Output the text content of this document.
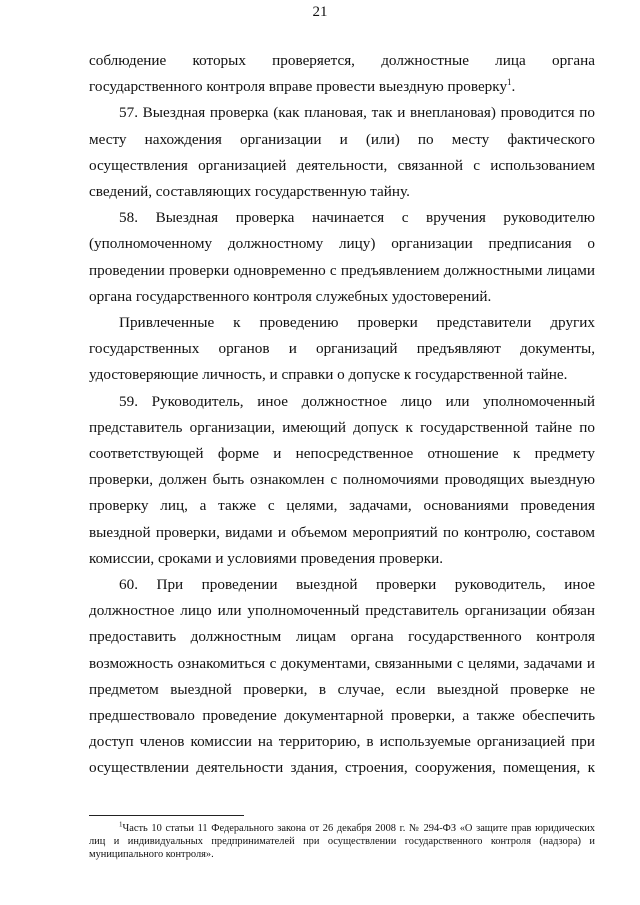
21

соблюдение которых проверяется, должностные лица органа государственного контроля вправе провести выездную проверку$^1$.

57. Выездная проверка (как плановая, так и внеплановая) проводится по месту нахождения организации и (или) по месту фактического осуществления организацией деятельности, связанной с использованием сведений, составляющих государственную тайну.

58. Выездная проверка начинается с вручения руководителю (уполномоченному должностному лицу) организации предписания о проведении проверки одновременно с предъявлением должностными лицами органа государственного контроля служебных удостоверений.

Привлеченные к проведению проверки представители других государственных органов и организаций предъявляют документы, удостоверяющие личность, и справки о допуске к государственной тайне.

59. Руководитель, иное должностное лицо или уполномоченный представитель организации, имеющий допуск к государственной тайне по соответствующей форме и непосредственное отношение к предмету проверки, должен быть ознакомлен с полномочиями проводящих выездную проверку лиц, а также с целями, задачами, основаниями проведения выездной проверки, видами и объемом мероприятий по контролю, составом комиссии, сроками и условиями проведения проверки.

60. При проведении выездной проверки руководитель, иное должностное лицо или уполномоченный представитель организации обязан предоставить должностным лицам органа государственного контроля возможность ознакомиться с документами, связанными с целями, задачами и предметом выездной проверки, в случае, если выездной проверке не предшествовало проведение документарной проверки, а также обеспечить доступ членов комиссии на территорию, в используемые организацией при осуществлении деятельности здания, строения, сооружения, помещения, к

$^1$Часть 10 статьи 11 Федерального закона от 26 декабря 2008 г. № 294-ФЗ «О защите прав юридических лиц и индивидуальных предпринимателей при осуществлении государственного контроля (надзора) и муниципального контроля».
